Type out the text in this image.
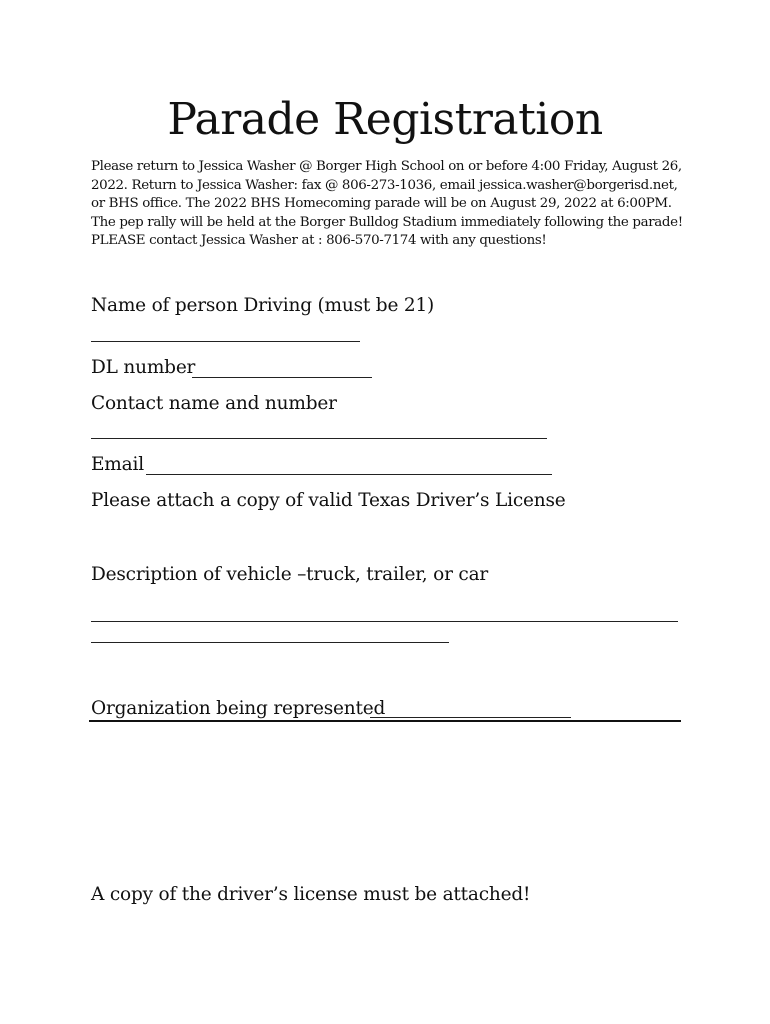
Parade Registration
Please return to Jessica Washer @ Borger High School on or before 4:00 Friday, August 26,
2022. Return to Jessica Washer: fax @ 806-273-1036, email jessica.washer@borgerisd.net,
or BHS office. The 2022 BHS Homecoming parade will be on August 29, 2022 at 6:00PM.
The pep rally will be held at the Borger Bulldog Stadium immediately following the parade!
PLEASE contact Jessica Washer at : 806-570-7174 with any questions!
Name of person Driving (must be 21)
DL number
Contact name and number
Email
Please attach a copy of valid Texas Driver’s License
Description of vehicle –truck, trailer, or car
Organization being represented
A copy of the driver’s license must be attached!
